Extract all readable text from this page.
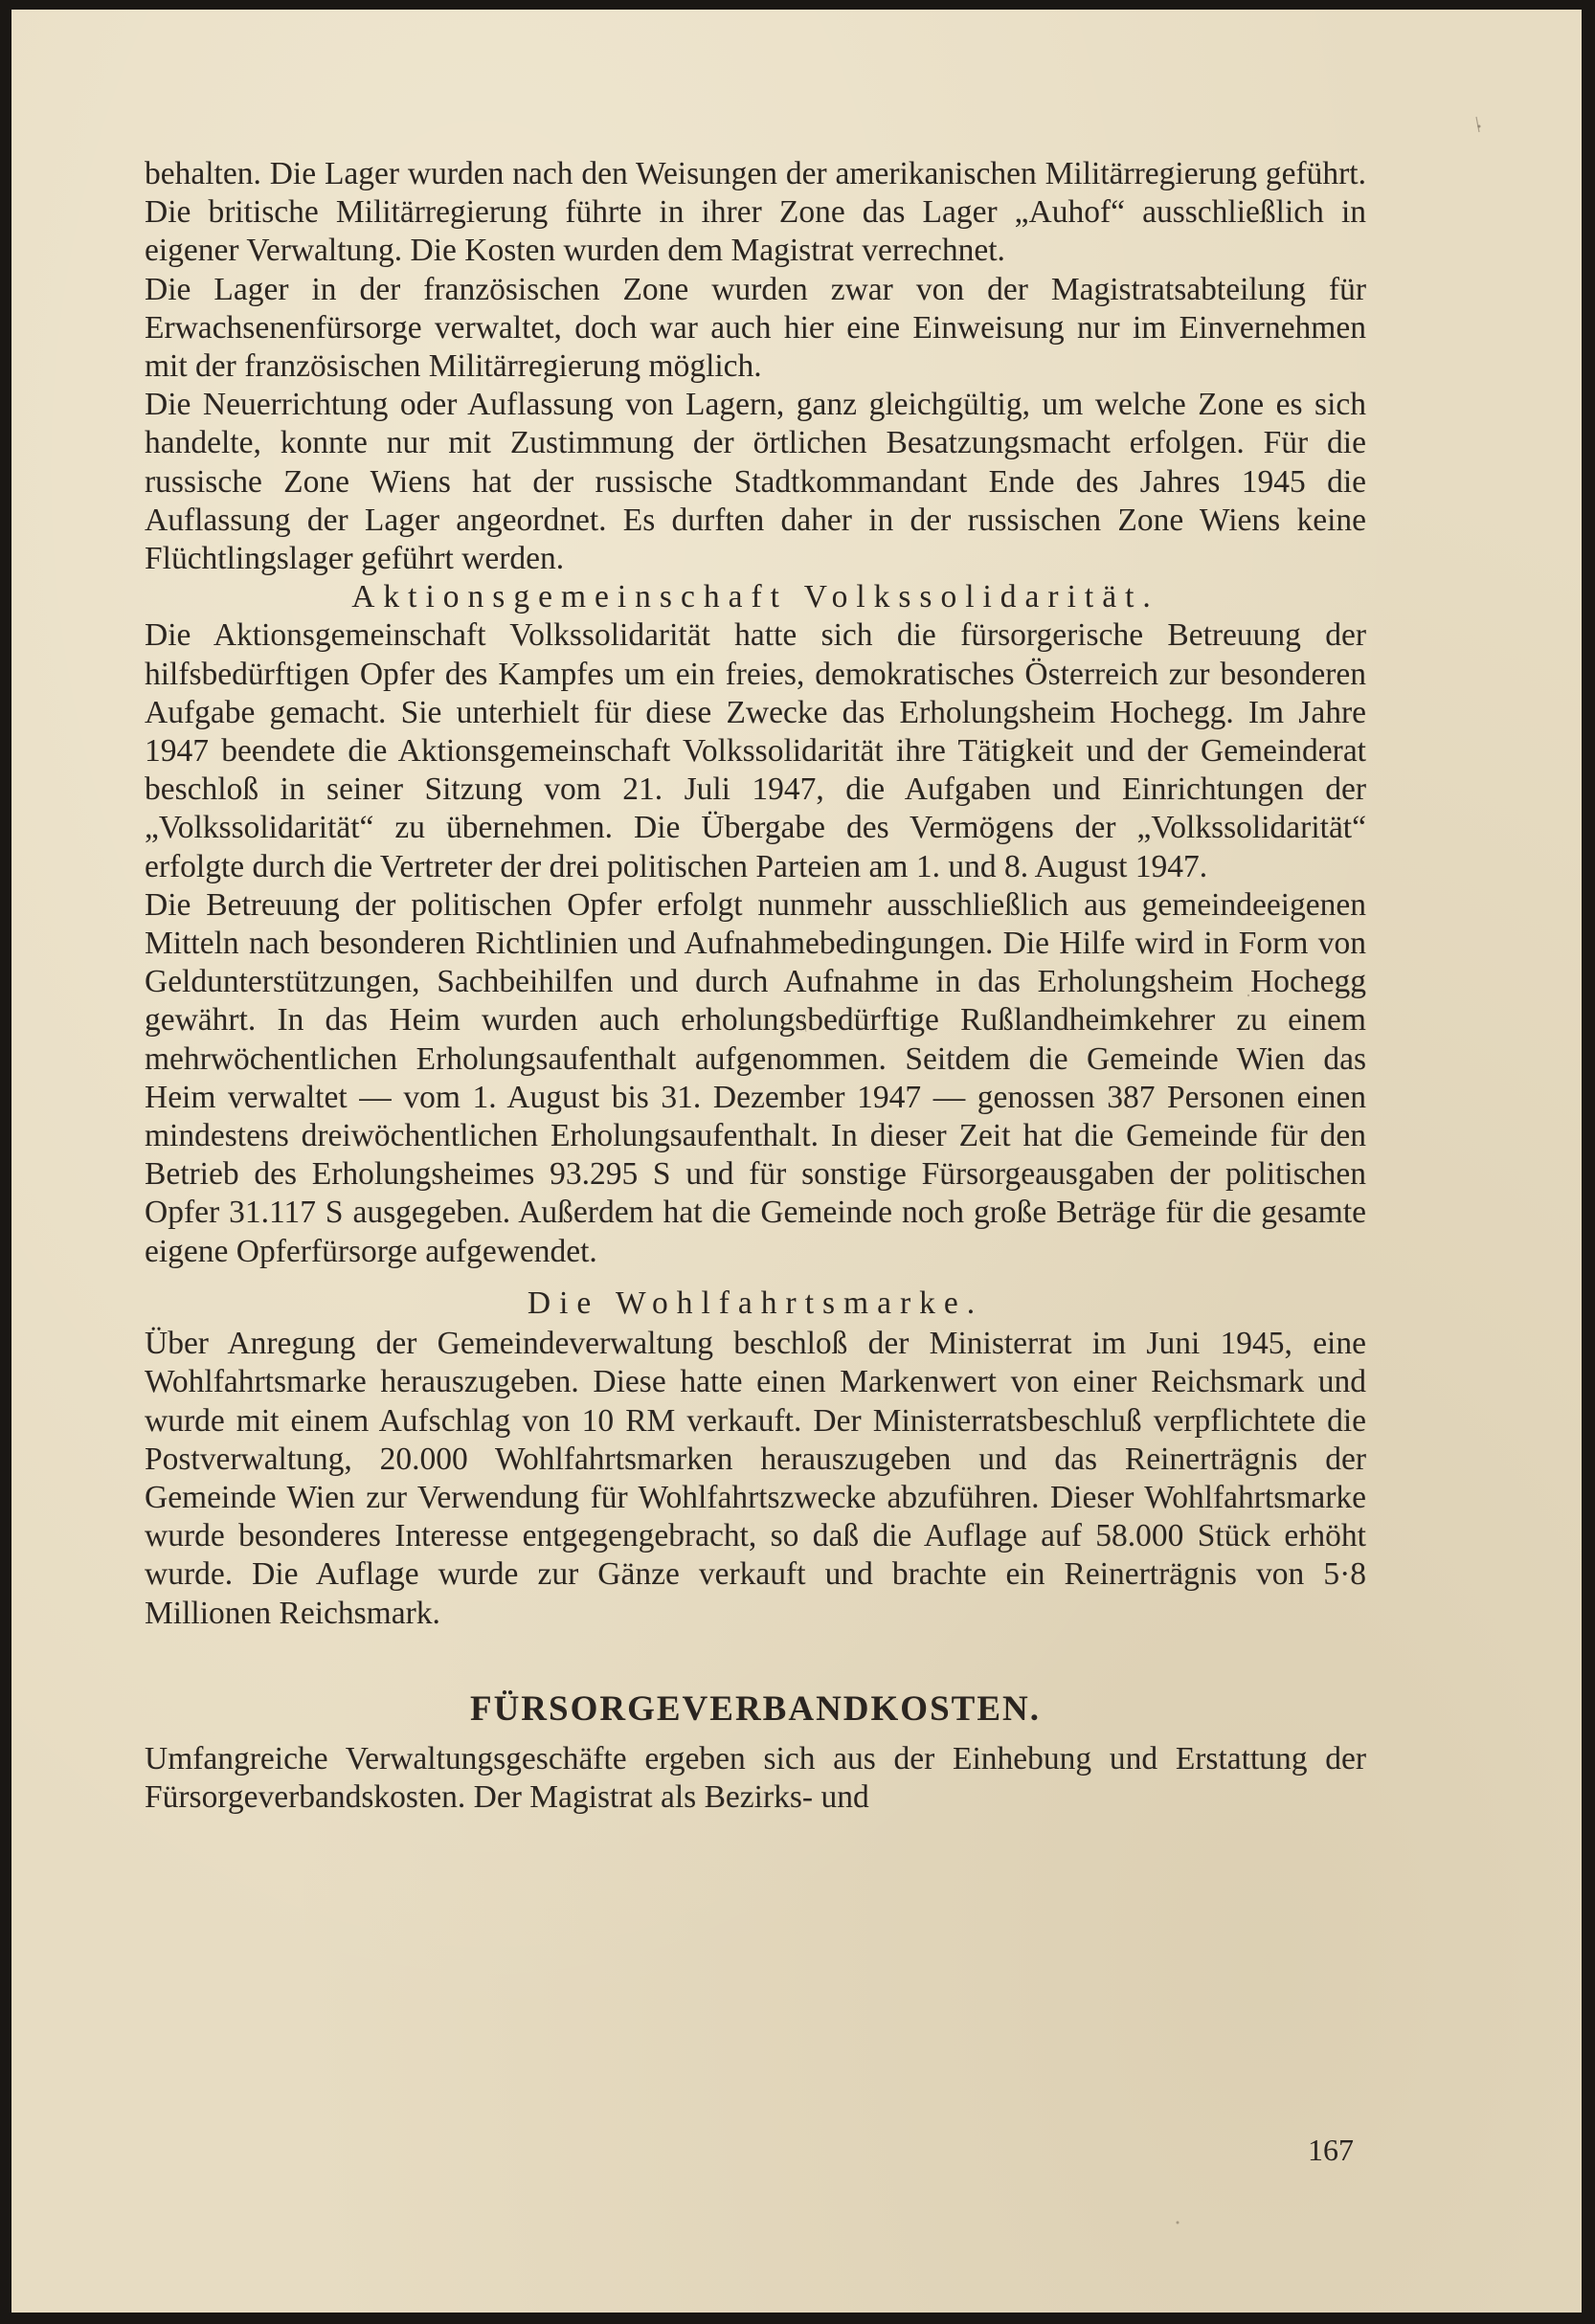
behalten. Die Lager wurden nach den Weisungen der amerikanischen Militärregierung geführt. Die britische Militärregierung führte in ihrer Zone das Lager „Auhof“ ausschließlich in eigener Verwaltung. Die Kosten wurden dem Magistrat verrechnet.

Die Lager in der französischen Zone wurden zwar von der Magistratsabteilung für Erwachsenenfürsorge verwaltet, doch war auch hier eine Einweisung nur im Einvernehmen mit der französischen Militärregierung möglich.

Die Neuerrichtung oder Auflassung von Lagern, ganz gleichgültig, um welche Zone es sich handelte, konnte nur mit Zustimmung der örtlichen Besatzungsmacht erfolgen. Für die russische Zone Wiens hat der russische Stadtkommandant Ende des Jahres 1945 die Auflassung der Lager angeordnet. Es durften daher in der russischen Zone Wiens keine Flüchtlingslager geführt werden.

Aktionsgemeinschaft Volkssolidarität.

Die Aktionsgemeinschaft Volkssolidarität hatte sich die fürsorgerische Betreuung der hilfsbedürftigen Opfer des Kampfes um ein freies, demokratisches Österreich zur besonderen Aufgabe gemacht. Sie unterhielt für diese Zwecke das Erholungsheim Hochegg. Im Jahre 1947 beendete die Aktionsgemeinschaft Volkssolidarität ihre Tätigkeit und der Gemeinderat beschloß in seiner Sitzung vom 21. Juli 1947, die Aufgaben und Einrichtungen der „Volkssolidarität“ zu übernehmen. Die Übergabe des Vermögens der „Volkssolidarität“ erfolgte durch die Vertreter der drei politischen Parteien am 1. und 8. August 1947.

Die Betreuung der politischen Opfer erfolgt nunmehr ausschließlich aus gemeindeeigenen Mitteln nach besonderen Richtlinien und Aufnahmebedingungen. Die Hilfe wird in Form von Geldunterstützungen, Sachbeihilfen und durch Aufnahme in das Erholungsheim Hochegg gewährt. In das Heim wurden auch erholungsbedürftige Rußlandheimkehrer zu einem mehrwöchentlichen Erholungsaufenthalt aufgenommen. Seitdem die Gemeinde Wien das Heim verwaltet — vom 1. August bis 31. Dezember 1947 — genossen 387 Personen einen mindestens dreiwöchentlichen Erholungsaufenthalt. In dieser Zeit hat die Gemeinde für den Betrieb des Erholungsheimes 93.295 S und für sonstige Fürsorgeausgaben der politischen Opfer 31.117 S ausgegeben. Außerdem hat die Gemeinde noch große Beträge für die gesamte eigene Opferfürsorge aufgewendet.

Die Wohlfahrtsmarke.

Über Anregung der Gemeindeverwaltung beschloß der Ministerrat im Juni 1945, eine Wohlfahrtsmarke herauszugeben. Diese hatte einen Markenwert von einer Reichsmark und wurde mit einem Aufschlag von 10 RM verkauft. Der Ministerratsbeschluß verpflichtete die Postverwaltung, 20.000 Wohlfahrtsmarken herauszugeben und das Reinerträgnis der Gemeinde Wien zur Verwendung für Wohlfahrtszwecke abzuführen. Dieser Wohlfahrtsmarke wurde besonderes Interesse entgegengebracht, so daß die Auflage auf 58.000 Stück erhöht wurde. Die Auflage wurde zur Gänze verkauft und brachte ein Reinerträgnis von 5·8 Millionen Reichsmark.

FÜRSORGEVERBANDKOSTEN.

Umfangreiche Verwaltungsgeschäfte ergeben sich aus der Einhebung und Erstattung der Fürsorgeverbandskosten. Der Magistrat als Bezirks- und

167
